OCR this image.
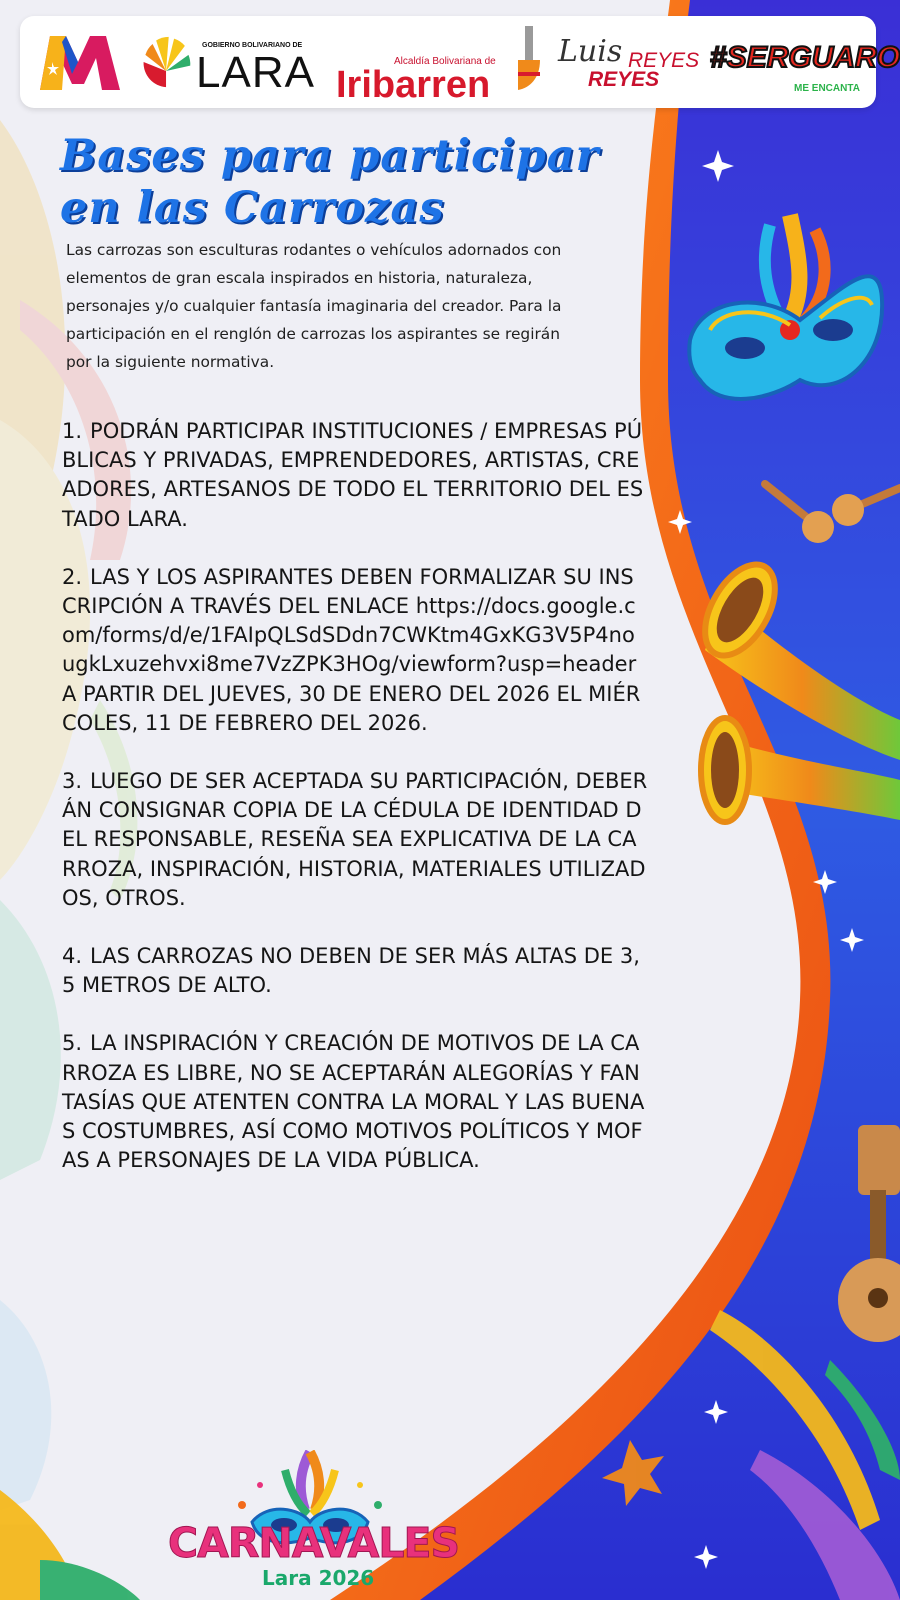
GOBIERNO BOLIVARIANO DE
LARA	Alcaldía Bolivariana de
Iribarren
Luis REYES
REYES
#SERGUARO
ME ENCANTA
Bases para participar
en las Carrozas

Las carrozas son esculturas rodantes o vehículos adornados con elementos de gran escala inspirados en historia, naturaleza, personajes y/o cualquier fantasía imaginaria del creador. Para la participación en el renglón de carrozas los aspirantes se regirán por la siguiente normativa.

1. PODRÁN PARTICIPAR INSTITUCIONES / EMPRESAS PÚBLICAS Y PRIVADAS, EMPRENDEDORES, ARTISTAS, CREADORES, ARTESANOS DE TODO EL TERRITORIO DEL ESTADO LARA.
2. LAS Y LOS ASPIRANTES DEBEN FORMALIZAR SU INSCRIPCIÓN A TRAVÉS DEL ENLACE https://docs.google.com/forms/d/e/1FAIpQLSdSDdn7CWKtm4GxKG3V5P4nougkLxuzehvxi8me7VzZPK3HOg/viewform?usp=header A PARTIR DEL JUEVES, 30 DE ENERO DEL 2026 EL MIÉRCOLES, 11 DE FEBRERO DEL 2026.
3. LUEGO DE SER ACEPTADA SU PARTICIPACIÓN, DEBERÁN CONSIGNAR COPIA DE LA CÉDULA DE IDENTIDAD DEL RESPONSABLE, RESEÑA SEA EXPLICATIVA DE LA CARROZA, INSPIRACIÓN, HISTORIA, MATERIALES UTILIZADOS, OTROS.
4. LAS CARROZAS NO DEBEN DE SER MÁS ALTAS DE 3,5 METROS DE ALTO.
5. LA INSPIRACIÓN Y CREACIÓN DE MOTIVOS DE LA CARROZA ES LIBRE, NO SE ACEPTARÁN ALEGORÍAS Y FANTASÍAS QUE ATENTEN CONTRA LA MORAL Y LAS BUENAS COSTUMBRES, ASÍ COMO MOTIVOS POLÍTICOS Y MOFAS A PERSONAJES DE LA VIDA PÚBLICA.
CARNAVALES
Lara 2026
